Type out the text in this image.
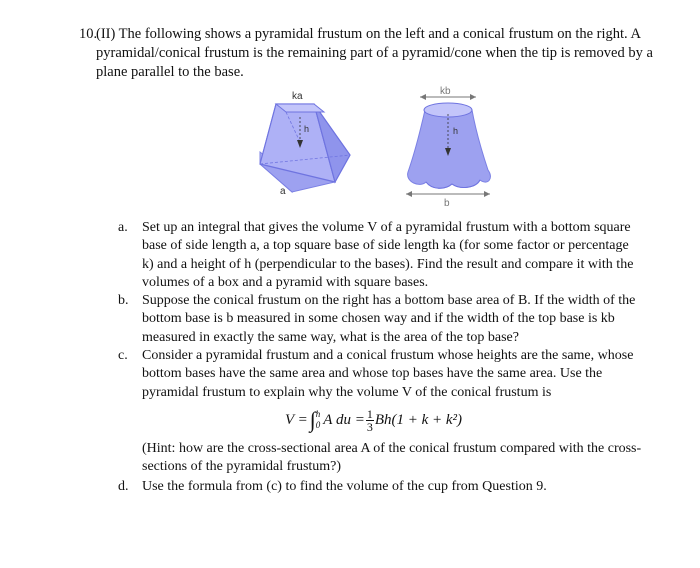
10.
(II) The following shows a pyramidal frustum on the left and a conical frustum on the right. A pyramidal/conical frustum is the remaining part of a pyramid/cone when the tip is removed by a plane parallel to the base.
h
ka
a
kb
h
b
a. Set up an integral that gives the volume V of a pyramidal frustum with a bottom square base of side length a, a top square base of side length ka (for some factor or percentage k) and a height of h (perpendicular to the bases). Find the result and compare it with the volumes of a box and a pyramid with square bases.
b. Suppose the conical frustum on the right has a bottom base area of B. If the width of the bottom base is b measured in some chosen way and if the width of the top base is kb measured in exactly the same way, what is the area of the top base?
c. Consider a pyramidal frustum and a conical frustum whose heights are the same, whose bottom bases have the same area and whose top bases have the same area. Use the pyramidal frustum to explain why the volume V of the conical frustum is
V = ∫ h
0 A du = $\frac{1}{3} Bh(1 + k + k^2)$
(Hint: how are the cross-sectional area A of the conical frustum compared with the cross-sections of the pyramidal frustum?)
d. Use the formula from (c) to find the volume of the cup from Question 9.
